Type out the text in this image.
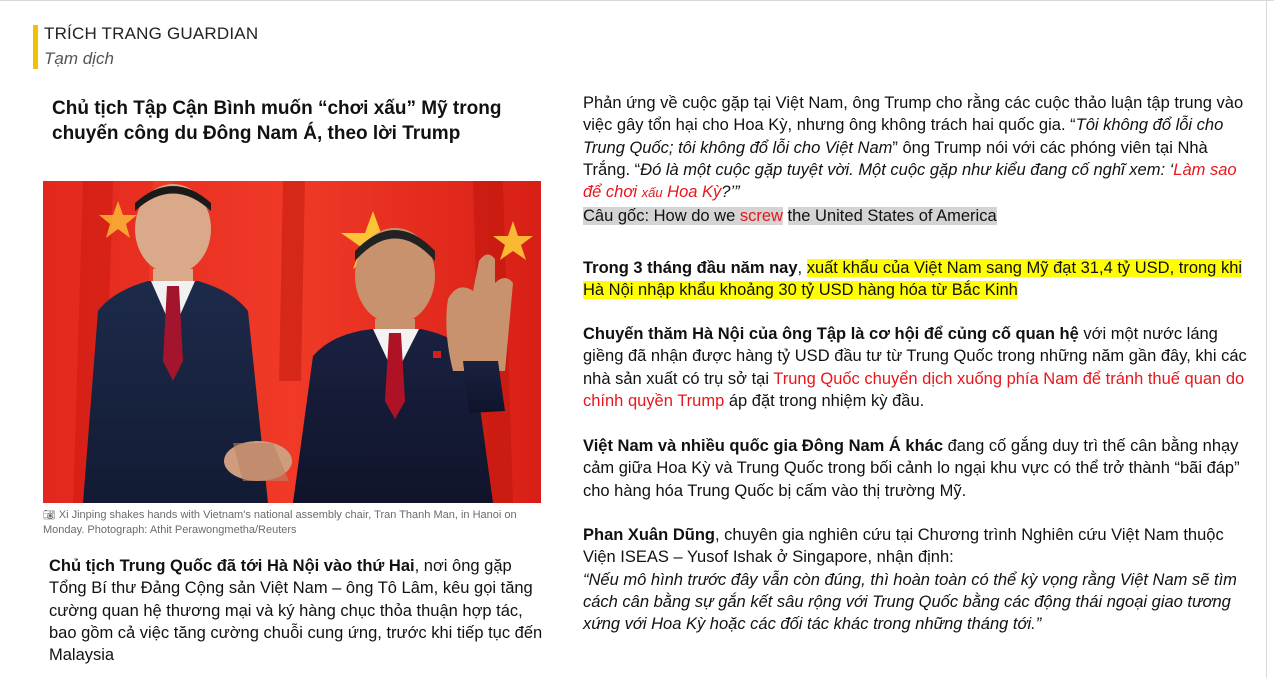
TRÍCH TRANG GUARDIAN
Tạm dịch
Chủ tịch Tập Cận Bình muốn “chơi xấu” Mỹ trong chuyến công du Đông Nam Á, theo lời Trump
📷︎ Xi Jinping shakes hands with Vietnam's national assembly chair, Tran Thanh Man, in Hanoi on Monday. Photograph: Athit Perawongmetha/Reuters
Chủ tịch Trung Quốc đã tới Hà Nội vào thứ Hai, nơi ông gặp Tổng Bí thư Đảng Cộng sản Việt Nam – ông Tô Lâm, kêu gọi tăng cường quan hệ thương mại và ký hàng chục thỏa thuận hợp tác, bao gồm cả việc tăng cường chuỗi cung ứng, trước khi tiếp tục đến Malaysia
Phản ứng về cuộc gặp tại Việt Nam, ông Trump cho rằng các cuộc thảo luận tập trung vào việc gây tổn hại cho Hoa Kỳ, nhưng ông không trách hai quốc gia. “Tôi không đổ lỗi cho Trung Quốc; tôi không đổ lỗi cho Việt Nam” ông Trump nói với các phóng viên tại Nhà Trắng. “Đó là một cuộc gặp tuyệt vời. Một cuộc gặp như kiểu đang cố nghĩ xem: ‘Làm sao để chơi xấu Hoa Kỳ?’”
Câu gốc: How do we screw the United States of America
Trong 3 tháng đầu năm nay, xuất khẩu của Việt Nam sang Mỹ đạt 31,4 tỷ USD, trong khi Hà Nội nhập khẩu khoảng 30 tỷ USD hàng hóa từ Bắc Kinh
Chuyến thăm Hà Nội của ông Tập là cơ hội để củng cố quan hệ với một nước láng giềng đã nhận được hàng tỷ USD đầu tư từ Trung Quốc trong những năm gần đây, khi các nhà sản xuất có trụ sở tại Trung Quốc chuyển dịch xuống phía Nam để tránh thuế quan do chính quyền Trump áp đặt trong nhiệm kỳ đầu.
Việt Nam và nhiều quốc gia Đông Nam Á khác đang cố gắng duy trì thế cân bằng nhạy cảm giữa Hoa Kỳ và Trung Quốc trong bối cảnh lo ngại khu vực có thể trở thành “bãi đáp” cho hàng hóa Trung Quốc bị cấm vào thị trường Mỹ.
Phan Xuân Dũng, chuyên gia nghiên cứu tại Chương trình Nghiên cứu Việt Nam thuộc Viện ISEAS – Yusof Ishak ở Singapore, nhận định:
“Nếu mô hình trước đây vẫn còn đúng, thì hoàn toàn có thể kỳ vọng rằng Việt Nam sẽ tìm cách cân bằng sự gắn kết sâu rộng với Trung Quốc bằng các động thái ngoại giao tương xứng với Hoa Kỳ hoặc các đối tác khác trong những tháng tới.”
